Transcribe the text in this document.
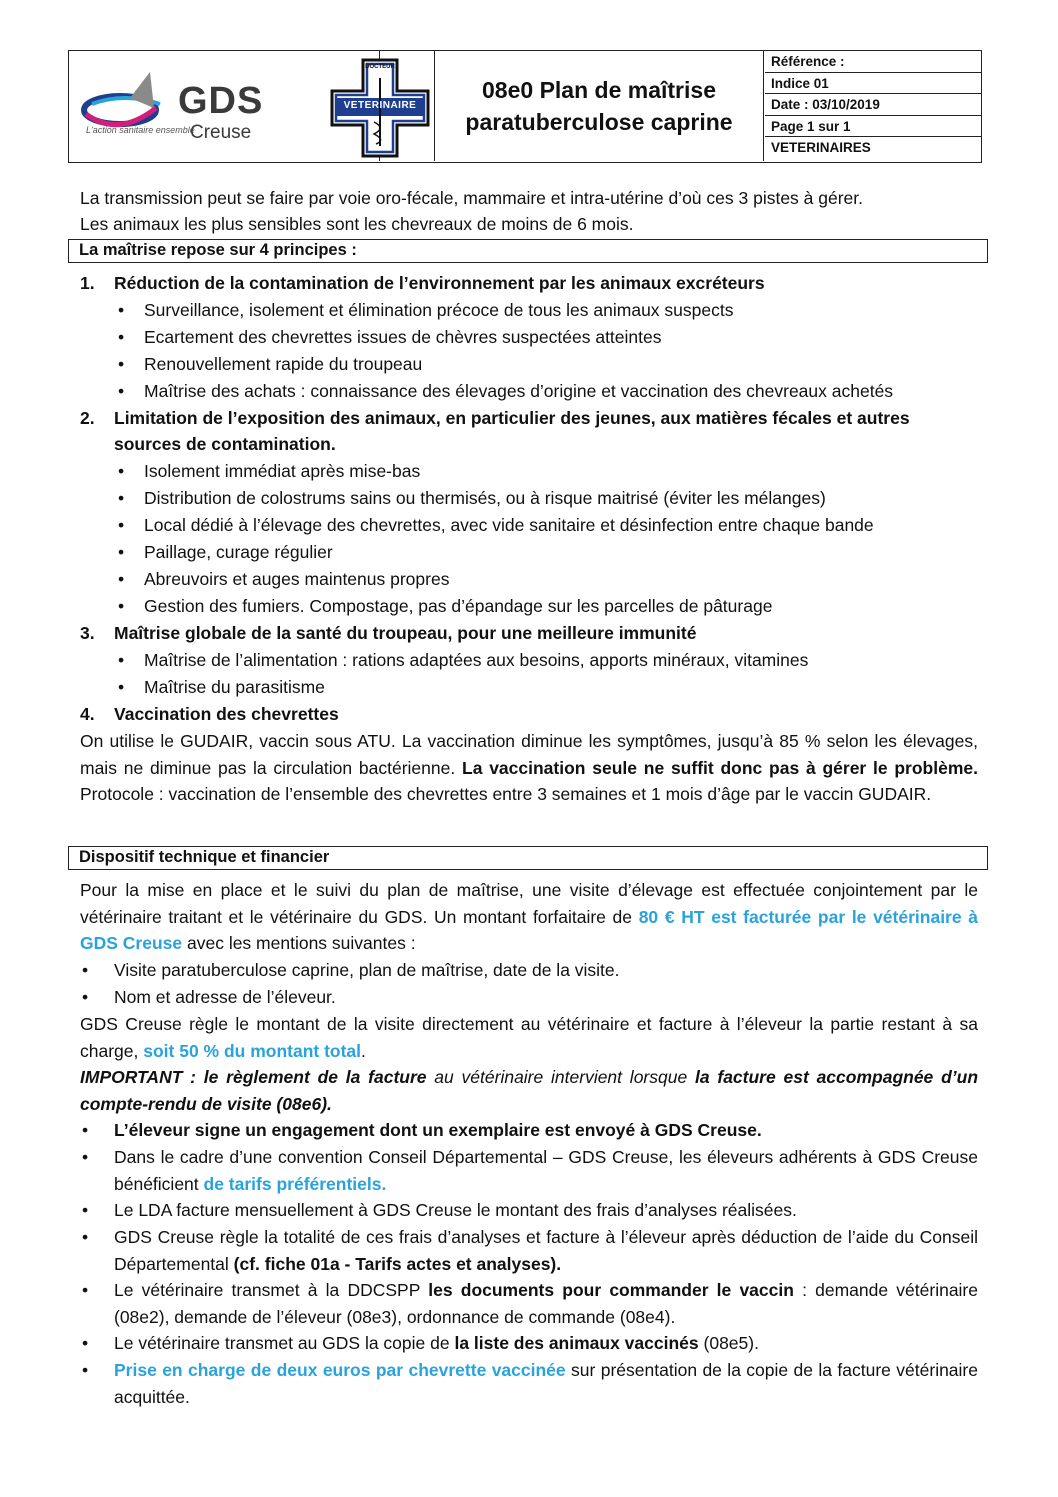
08e0 Plan de maîtrise
paratuberculose caprine
Référence :
Indice 01
Date : 03/10/2019
Page 1 sur 1
VETERINAIRES
GDS
Creuse
L'action sanitaire ensemble
DOCTEUR
VETERINAIRE
La transmission peut se faire par voie oro-fécale, mammaire et intra-utérine d’où ces 3 pistes à gérer.
Les animaux les plus sensibles sont les chevreaux de moins de 6 mois.
La maîtrise repose sur 4 principes :
1. Réduction de la contamination de l’environnement par les animaux excréteurs
• Surveillance, isolement et élimination précoce de tous les animaux suspects
• Ecartement des chevrettes issues de chèvres suspectées atteintes
• Renouvellement rapide du troupeau
• Maîtrise des achats : connaissance des élevages d’origine et vaccination des chevreaux achetés
2. Limitation de l’exposition des animaux, en particulier des jeunes, aux matières fécales et autres
sources de contamination.
• Isolement immédiat après mise-bas
• Distribution de colostrums sains ou thermisés, ou à risque maitrisé (éviter les mélanges)
• Local dédié à l’élevage des chevrettes, avec vide sanitaire et désinfection entre chaque bande
• Paillage, curage régulier
• Abreuvoirs et auges maintenus propres
• Gestion des fumiers. Compostage, pas d’épandage sur les parcelles de pâturage
3. Maîtrise globale de la santé du troupeau, pour une meilleure immunité
• Maîtrise de l’alimentation : rations adaptées aux besoins, apports minéraux, vitamines
• Maîtrise du parasitisme
4. Vaccination des chevrettes
On utilise le GUDAIR, vaccin sous ATU. La vaccination diminue les symptômes, jusqu’à 85 % selon les élevages, mais ne diminue pas la circulation bactérienne. La vaccination seule ne suffit donc pas à gérer le problème. Protocole : vaccination de l’ensemble des chevrettes entre 3 semaines et 1 mois d’âge par le vaccin GUDAIR.
Dispositif technique et financier
Pour la mise en place et le suivi du plan de maîtrise, une visite d’élevage est effectuée conjointement par le vétérinaire traitant et le vétérinaire du GDS. Un montant forfaitaire de 80 € HT est facturée par le vétérinaire à GDS Creuse avec les mentions suivantes :
• Visite paratuberculose caprine, plan de maîtrise, date de la visite.
• Nom et adresse de l’éleveur.
GDS Creuse règle le montant de la visite directement au vétérinaire et facture à l’éleveur la partie restant à sa charge, soit 50 % du montant total.
IMPORTANT : le règlement de la facture au vétérinaire intervient lorsque la facture est accompagnée d’un compte-rendu de visite (08e6).
• L’éleveur signe un engagement dont un exemplaire est envoyé à GDS Creuse.
• Dans le cadre d’une convention Conseil Départemental – GDS Creuse, les éleveurs adhérents à GDS Creuse bénéficient de tarifs préférentiels.
• Le LDA facture mensuellement à GDS Creuse le montant des frais d’analyses réalisées.
• GDS Creuse règle la totalité de ces frais d’analyses et facture à l’éleveur après déduction de l’aide du Conseil Départemental (cf. fiche 01a - Tarifs actes et analyses).
• Le vétérinaire transmet à la DDCSPP les documents pour commander le vaccin : demande vétérinaire (08e2), demande de l’éleveur (08e3), ordonnance de commande (08e4).
• Le vétérinaire transmet au GDS la copie de la liste des animaux vaccinés (08e5).
• Prise en charge de deux euros par chevrette vaccinée sur présentation de la copie de la facture vétérinaire acquittée.
